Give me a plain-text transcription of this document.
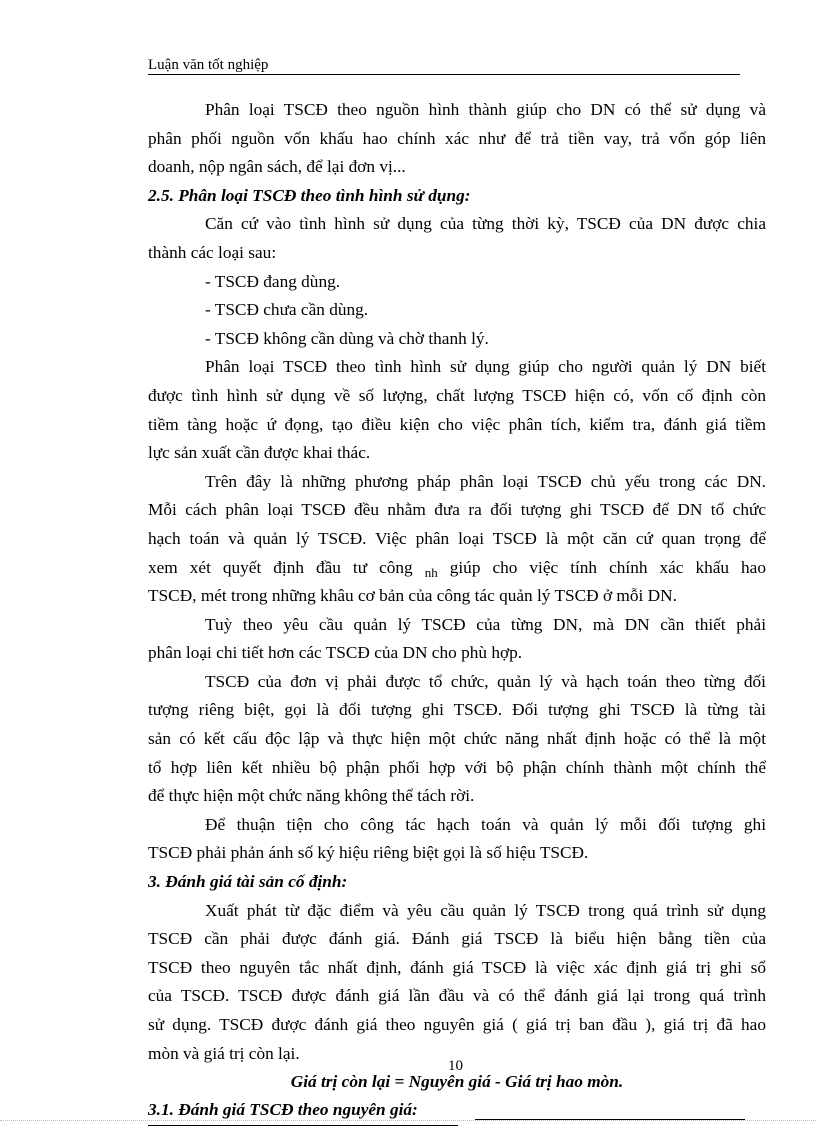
Luận văn tốt nghiệp
Phân loại TSCĐ theo nguồn hình thành giúp cho DN có thể sử dụng và
phân phối nguồn vốn khấu hao chính xác như để trả tiền vay, trả vốn góp liên
doanh, nộp ngân sách, để lại đơn vị...
2.5. Phân loại TSCĐ theo tình hình sử dụng:
Căn cứ vào tình hình sử dụng của từng thời kỳ, TSCĐ của DN được chia
thành các loại sau:
- TSCĐ đang dùng.
- TSCĐ chưa cần dùng.
- TSCĐ không cần dùng và chờ thanh lý.
Phân loại TSCĐ theo tình hình sử dụng giúp cho người quản lý DN biết
được tình hình sử dụng về số lượng, chất lượng TSCĐ hiện có, vốn cố định còn
tiềm tàng hoặc ứ đọng, tạo điều kiện cho việc phân tích, kiểm tra, đánh giá tiềm
lực sản xuất cần được khai thác.
Trên đây là những phương pháp phân loại TSCĐ chủ yếu trong các DN.
Mỗi cách phân loại TSCĐ đều nhằm đưa ra đối tượng ghi TSCĐ để DN tổ chức
hạch toán và quản lý TSCĐ. Việc phân loại TSCĐ là một căn cứ quan trọng để
xem xét quyết định đầu tư công $_{nh}$ giúp cho việc tính chính xác khấu hao
TSCĐ, mét trong những khâu cơ bản của công tác quản lý TSCĐ ở mỗi DN.
Tuỳ theo yêu cầu quản lý TSCĐ của từng DN, mà DN cần thiết phải
phân loại chi tiết hơn các TSCĐ của DN cho phù hợp.
TSCĐ của đơn vị phải được tổ chức, quản lý và hạch toán theo từng đối
tượng riêng biệt, gọi là đối tượng ghi TSCĐ. Đối tượng ghi TSCĐ là từng tài
sản có kết cấu độc lập và thực hiện một chức năng nhất định hoặc có thể là một
tổ hợp liên kết nhiều bộ phận phối hợp với bộ phận chính thành một chính thể
để thực hiện một chức năng không thể tách rời.
Để thuận tiện cho công tác hạch toán và quản lý mỗi đối tượng ghi
TSCĐ phải phản ánh số ký hiệu riêng biệt gọi là số hiệu TSCĐ.
3. Đánh giá tài sản cố định:
Xuất phát từ đặc điểm và yêu cầu quản lý TSCĐ trong quá trình sử dụng
TSCĐ cần phải được đánh giá. Đánh giá TSCĐ là biểu hiện bằng tiền của
TSCĐ theo nguyên tắc nhất định, đánh giá TSCĐ là việc xác định giá trị ghi sổ
của TSCĐ. TSCĐ được đánh giá lần đầu và có thể đánh giá lại trong quá trình
sử dụng. TSCĐ được đánh giá theo nguyên giá ( giá trị ban đầu ), giá trị đã hao
mòn và giá trị còn lại.
Giá trị còn lại = Nguyên giá - Giá trị hao mòn.
3.1. Đánh giá TSCĐ theo nguyên giá:
10
